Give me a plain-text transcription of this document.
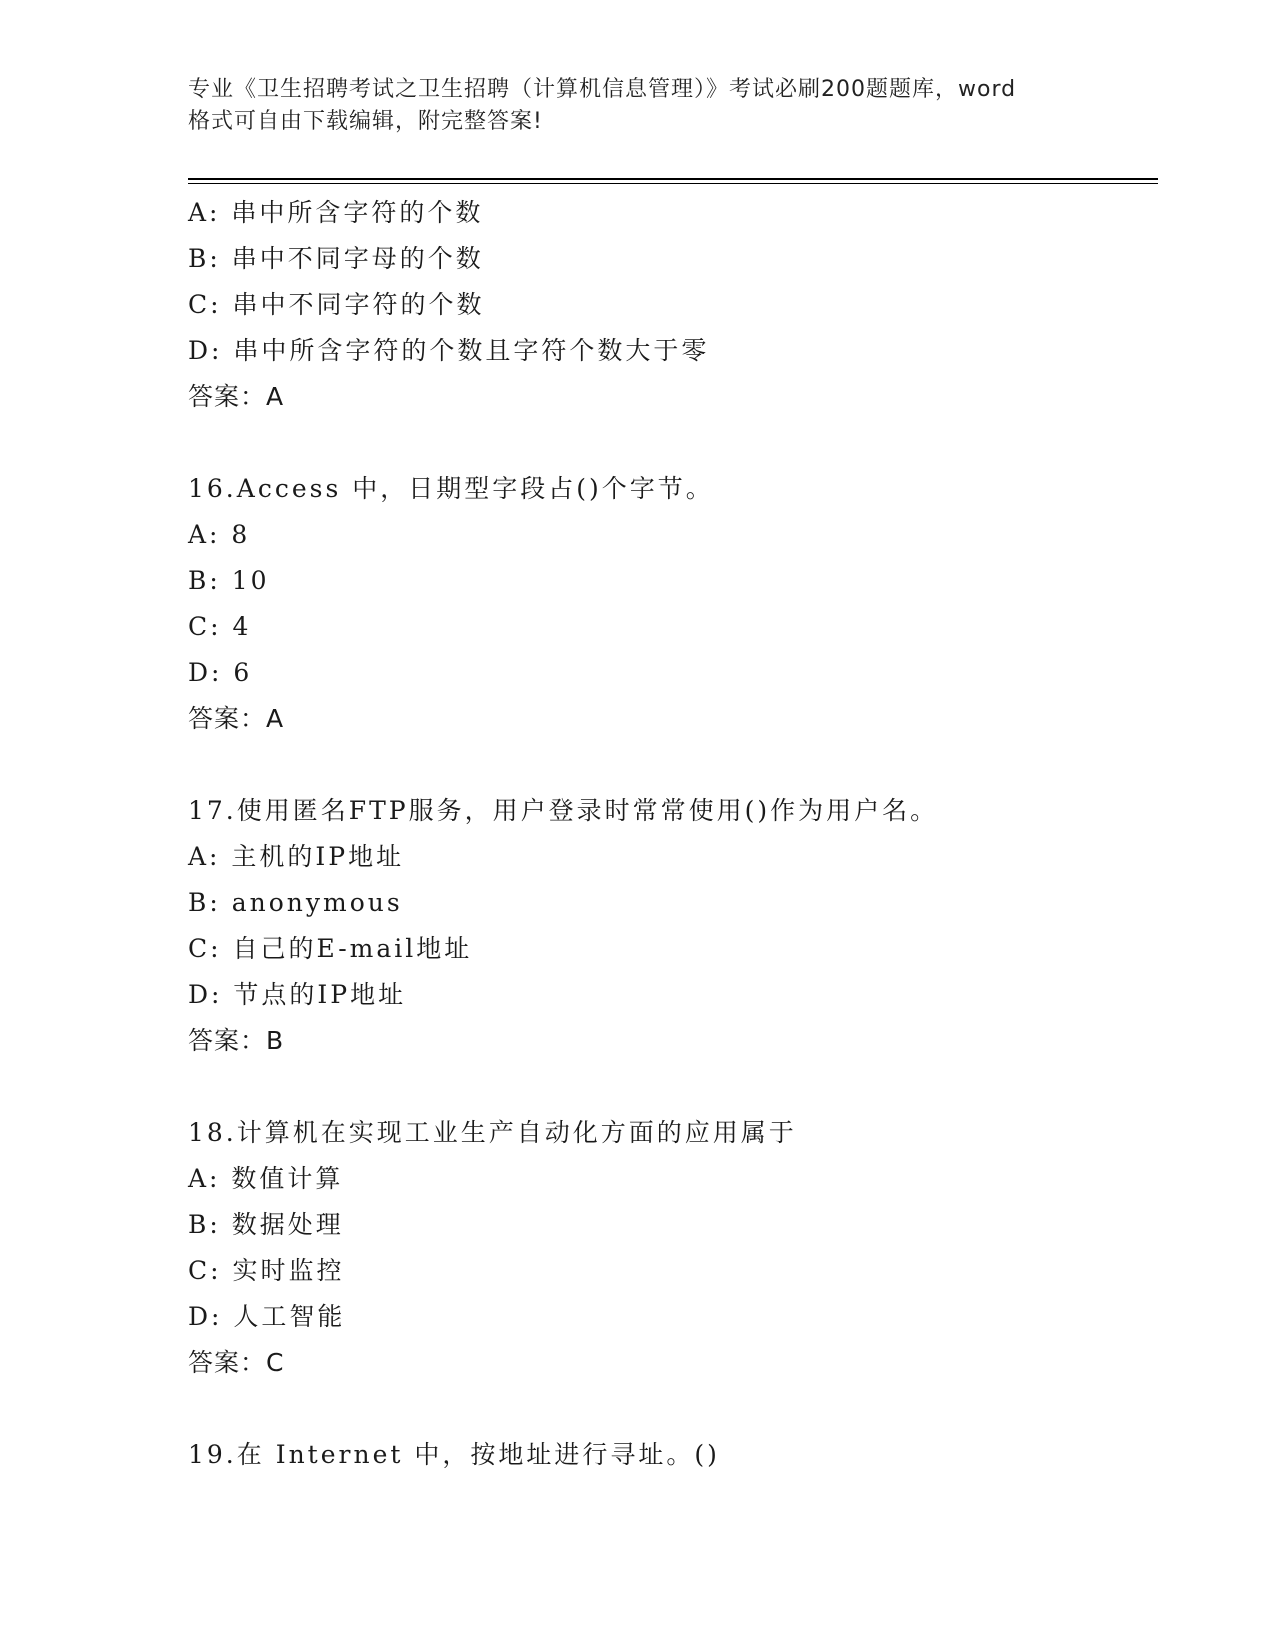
专业《卫生招聘考试之卫生招聘（计算机信息管理）》考试必刷200题题库，word
格式可自由下载编辑，附完整答案!
A: 串中所含字符的个数
B: 串中不同字母的个数
C: 串中不同字符的个数
D: 串中所含字符的个数且字符个数大于零
答案：A
16.Access 中，日期型字段占()个字节。
A: 8
B: 10
C: 4
D: 6
答案：A
17.使用匿名FTP服务，用户登录时常常使用()作为用户名。
A: 主机的IP地址
B: anonymous
C: 自己的E-mail地址
D: 节点的IP地址
答案：B
18.计算机在实现工业生产自动化方面的应用属于
A: 数值计算
B: 数据处理
C: 实时监控
D: 人工智能
答案：C
19.在 Internet 中，按地址进行寻址。()
